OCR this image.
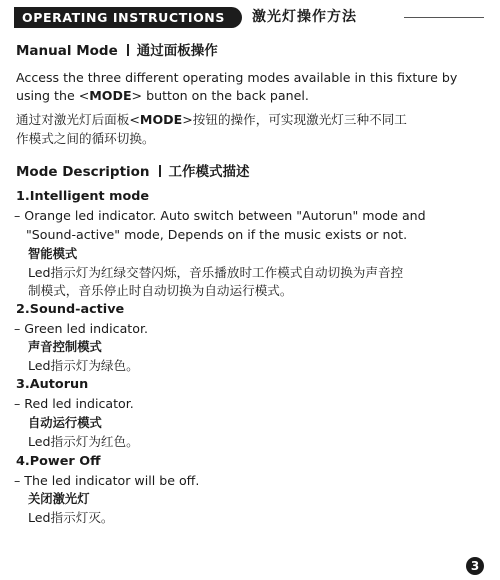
OPERATING INSTRUCTIONS	激光灯操作方法
Manual Mode 通过面板操作
Access the three different operating modes available in this fixture by
using the <MODE> button on the back panel.
通过对激光灯后面板<MODE>按钮的操作，可实现激光灯三种不同工
作模式之间的循环切换。
Mode Description 工作模式描述
1.Intelligent mode
– Orange led indicator. Auto switch between "Autorun" mode and
"Sound-active" mode, Depends on if the music exists or not.
智能模式
Led指示灯为红绿交替闪烁，音乐播放时工作模式自动切换为声音控
制模式，音乐停止时自动切换为自动运行模式。
2.Sound-active
– Green led indicator.
声音控制模式
Led指示灯为绿色。
3.Autorun
– Red led indicator.
自动运行模式
Led指示灯为红色。
4.Power Off
– The led indicator will be off.
关闭激光灯
Led指示灯灭。
3
